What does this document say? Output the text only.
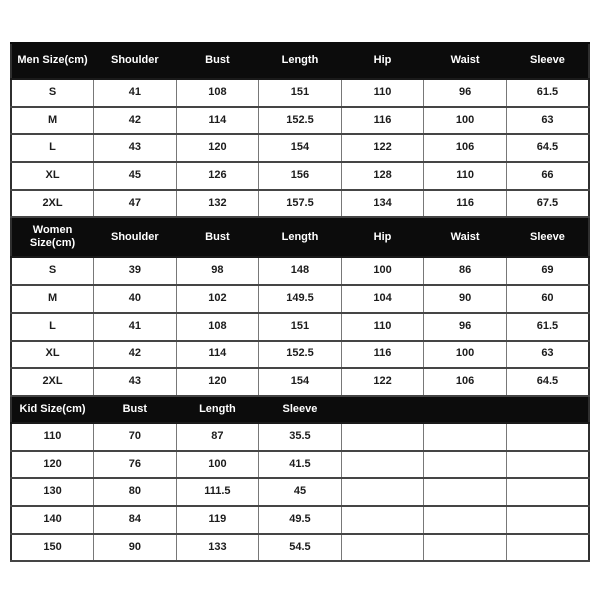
Men Size(cm)	Shoulder	Bust	Length	Hip	Waist	Sleeve
S	41	108	151	110	96	61.5
M	42	114	152.5	116	100	63
L	43	120	154	122	106	64.5
XL	45	126	156	128	110	66
2XL	47	132	157.5	134	116	67.5
Women Size(cm)	Shoulder	Bust	Length	Hip	Waist	Sleeve
S	39	98	148	100	86	69
M	40	102	149.5	104	90	60
L	41	108	151	110	96	61.5
XL	42	114	152.5	116	100	63
2XL	43	120	154	122	106	64.5
Kid Size(cm)	Bust	Length	Sleeve			
110	70	87	35.5			
120	76	100	41.5			
130	80	111.5	45			
140	84	119	49.5			
150	90	133	54.5			
